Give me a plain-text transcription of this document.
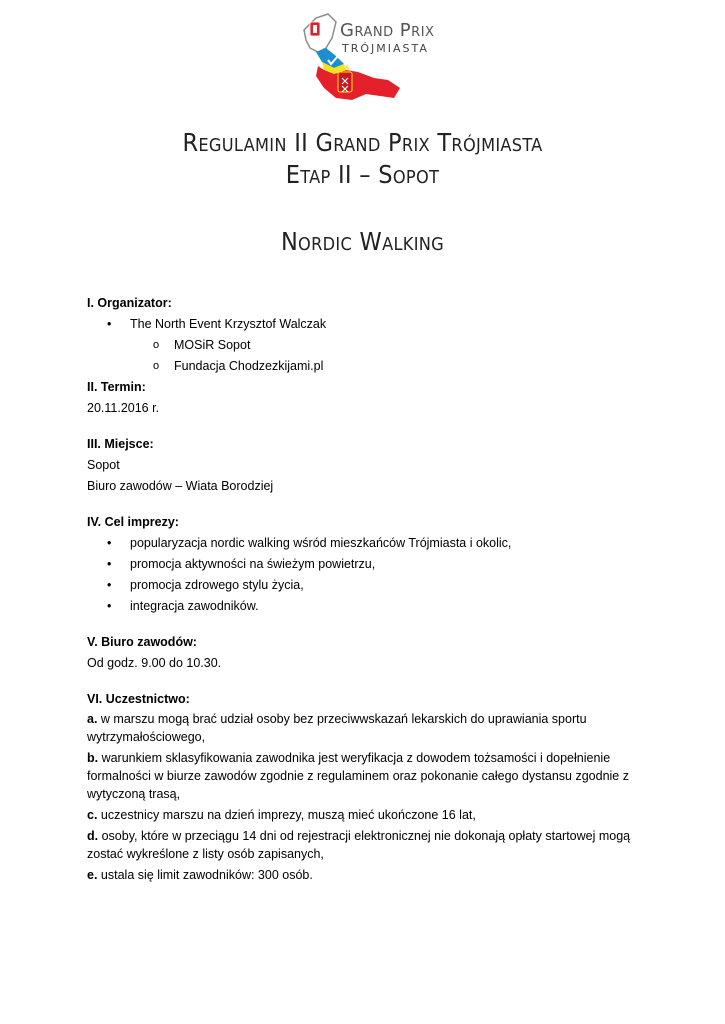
Grand Prix
TRÓJMIASTA
Regulamin II Grand Prix Trójmiasta
Etap II – Sopot
Nordic Walking

I. Organizator:

• The North Event Krzysztof Walczak
o MOSiR Sopot
o Fundacja Chodzezkijami.pl

II. Termin:

20.11.2016 r.

III. Miejsce:

Sopot

Biuro zawodów – Wiata Borodziej

IV. Cel imprezy:

• popularyzacja nordic walking wśród mieszkańców Trójmiasta i okolic,
• promocja aktywności na świeżym powietrzu,
• promocja zdrowego stylu życia,
• integracja zawodników.

V. Biuro zawodów:

Od godz. 9.00 do 10.30.

VI. Uczestnictwo:

a. w marszu mogą brać udział osoby bez przeciwwskazań lekarskich do uprawiania sportu wytrzymałościowego,

b. warunkiem sklasyfikowania zawodnika jest weryfikacja z dowodem tożsamości i dopełnienie formalności w biurze zawodów zgodnie z regulaminem oraz pokonanie całego dystansu zgodnie z wytyczoną trasą,

c. uczestnicy marszu na dzień imprezy, muszą mieć ukończone 16 lat,

d. osoby, które w przeciągu 14 dni od rejestracji elektronicznej nie dokonają opłaty startowej mogą zostać wykreślone z listy osób zapisanych,

e. ustala się limit zawodników: 300 osób.
